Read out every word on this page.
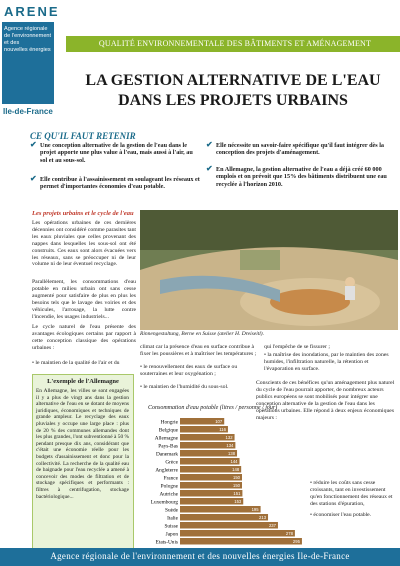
ARENE
Agence régionale
de l'environnement
et des
nouvelles énergies
Ile-de-France
QUALITÉ ENVIRONNEMENTALE DES BÂTIMENTS ET AMÉNAGEMENT
LA GESTION ALTERNATIVE DE L'EAU
DANS LES PROJETS URBAINS
CE QU'IL FAUT RETENIR
✔ Une conception alternative de la gestion de l'eau dans le projet apporte une plus value à l'eau, mais aussi à l'air, au sol et au sous-sol.
✔ Elle contribue à l'assainissement en soulageant les réseaux et permet d'importantes économies d'eau potable.
✔ Elle nécessite un savoir-faire spécifique qu'il faut intégrer dès la conception des projets d'aménagement.
✔ En Allemagne, la gestion alternative de l'eau a déjà créé 60 000 emplois et on prévoit que 15% des bâtiments distribuent une eau recyclée à l'horizon 2010.
Les projets urbains et le cycle de l'eau
Les opérations urbaines de ces dernières décennies ont considéré comme parasites tant les eaux pluviales que celles provenant des nappes dans lesquelles les sous-sol ont été construits. Ces eaux sont alors évacuées vers les réseaux, sans se préoccuper ni de leur volume ni de leur éventuel recyclage.
Parallèlement, les consommations d'eau potable en milieu urbain ont sans cesse augmenté pour satisfaire de plus en plus les besoins tels que le lavage des voiries et des véhicules, l'arrosage, la lutte contre l'incendie, les usages industriels...
Le cycle naturel de l'eau présente des avantages écologiques certains par rapport à cette conception classique des opérations urbaines :
• le maintien de la qualité de l'air et du
L'exemple de l'Allemagne
En Allemagne, les villes se sont engagées il y a plus de vingt ans dans la gestion alternative de l'eau en se dotant de moyens juridiques, économiques et techniques de grande ampleur. Le recyclage des eaux pluviales y occupe une large place : plus de 20 % des communes allemandes dont les plus grandes, l'ont subventionné à 50 % pendant presque dix ans, considérant que c'était une économie réelle pour les budgets d'assainissement et donc pour la collectivité. La recherche de la qualité eau de baignade pour l'eau recyclée a amené à concevoir des modes de filtration et de stockage spécifiques et performants : filtres à centrifugation, stockage bactériologique...
Rinnengestaltung, Berne en Suisse (atelier H. Dreiseitl).
climat car la présence d'eau en surface contribue à fixer les poussières et à maîtriser les températures ;
• le renouvellement des eaux de surface ou souterraines et leur oxygénation ;
• le maintien de l'humidité du sous-sol.
qui l'empêche de se fissurer ;
• la maîtrise des inondations, par le maintien des zones humides, l'infiltration naturelle, la rétention et l'évaporation en surface.
Conscients de ces bénéfices qu'un aménagement plus naturel du cycle de l'eau pourrait apporter, de nombreux acteurs publics européens se sont mobilisés pour intégrer une conception alternative de la gestion de l'eau dans les opérations urbaines. Elle répond à deux enjeux économiques majeurs :
• réduire les coûts sans cesse croissants, tant en investissement qu'en fonctionnement des réseaux et des stations d'épuration,
• économiser l'eau potable.
Consommation d'eau potable (litres / personne / jour)
Hongrie	107
Belgique	116
Allemagne	132
Pays-Bas	134
Danemark	138
Grèce	144
Angleterre	148
France	150
Pologne	150
Autriche	151
Luxembourg	153
Suède	195
Italie	213
Suisse	237
Japon	278
Etats-Unis	295
Agence régionale de l'environnement et des nouvelles énergies Ile-de-France
